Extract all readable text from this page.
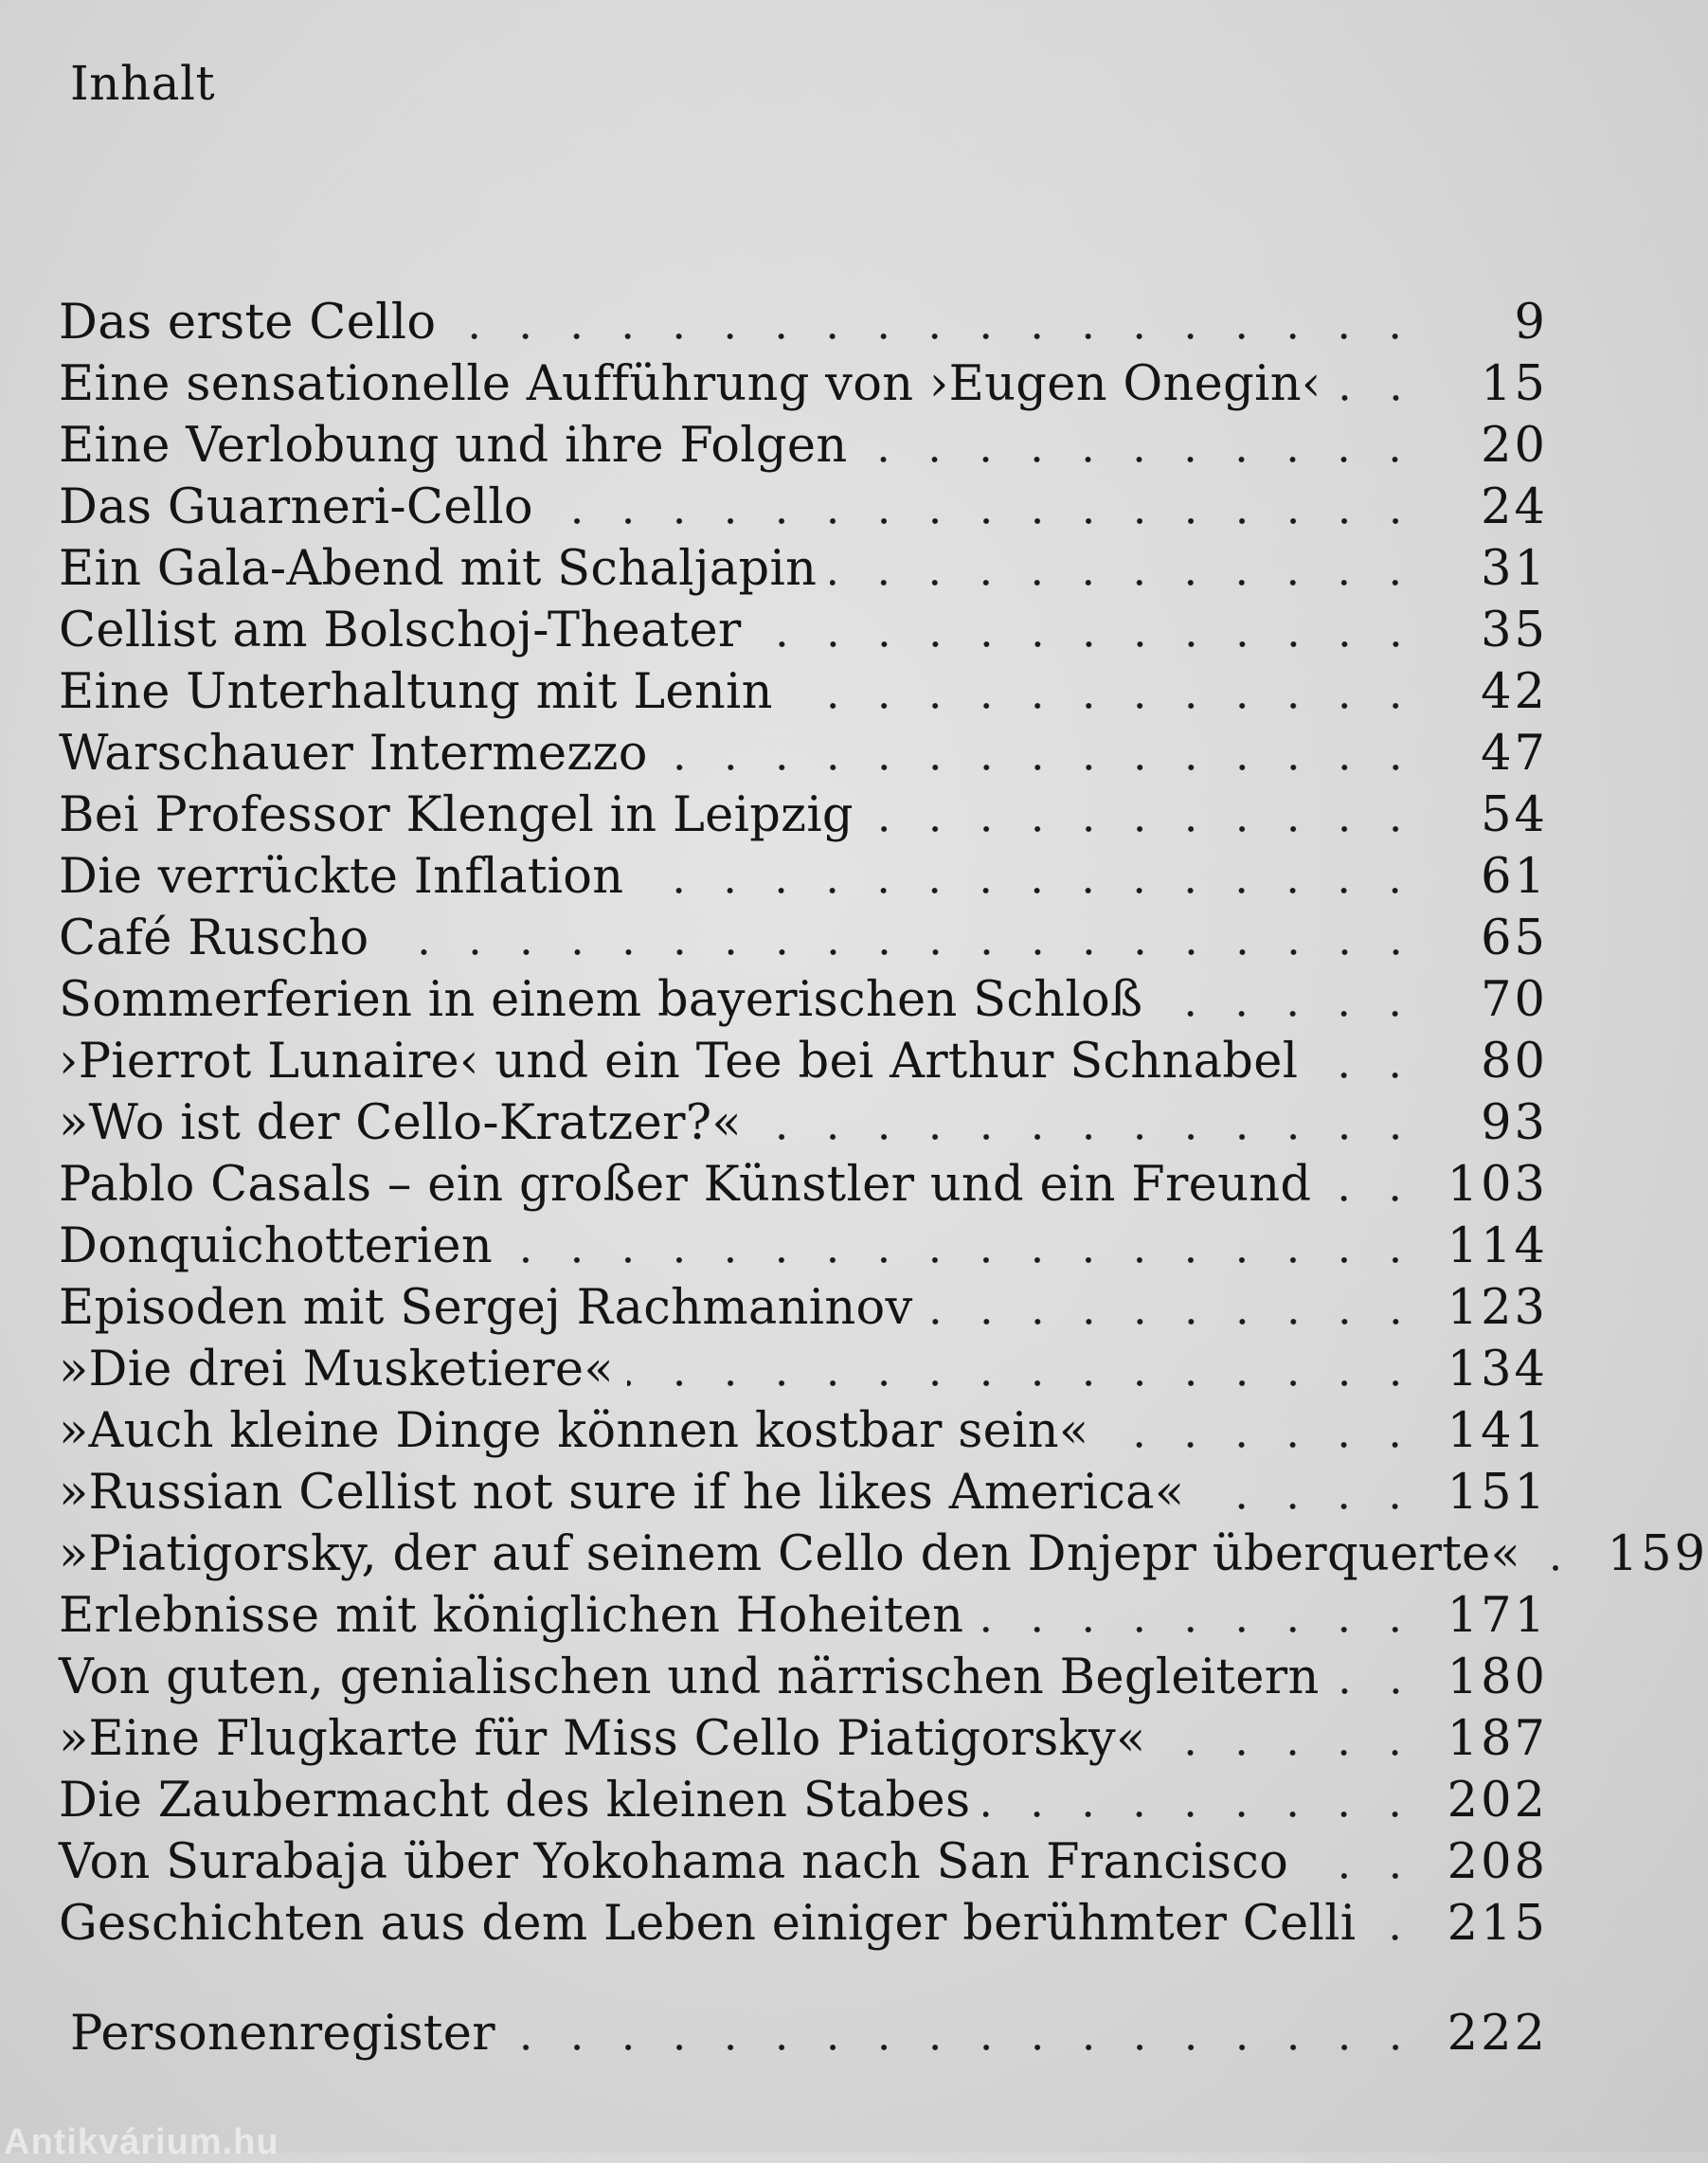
Inhalt
Das erste Cello	9
Eine sensationelle Aufführung von ›Eugen Onegin‹	15
Eine Verlobung und ihre Folgen	20
Das Guarneri-Cello	24
Ein Gala-Abend mit Schaljapin	31
Cellist am Bolschoj-Theater	35
Eine Unterhaltung mit Lenin	42
Warschauer Intermezzo	47
Bei Professor Klengel in Leipzig	54
Die verrückte Inflation	61
Café Ruscho	65
Sommerferien in einem bayerischen Schloß	70
›Pierrot Lunaire‹ und ein Tee bei Arthur Schnabel	80
»Wo ist der Cello-Kratzer?«	93
Pablo Casals – ein großer Künstler und ein Freund	103
Donquichotterien	114
Episoden mit Sergej Rachmaninov	123
»Die drei Musketiere«	134
»Auch kleine Dinge können kostbar sein«	141
»Russian Cellist not sure if he likes America«	151
»Piatigorsky, der auf seinem Cello den Dnjepr überquerte« 159
Erlebnisse mit königlichen Hoheiten	171
Von guten, genialischen und närrischen Begleitern	180
»Eine Flugkarte für Miss Cello Piatigorsky«	187
Die Zaubermacht des kleinen Stabes	202
Von Surabaja über Yokohama nach San Francisco	208
Geschichten aus dem Leben einiger berühmter Celli 215
Personenregister	222
Antikvárium.hu
